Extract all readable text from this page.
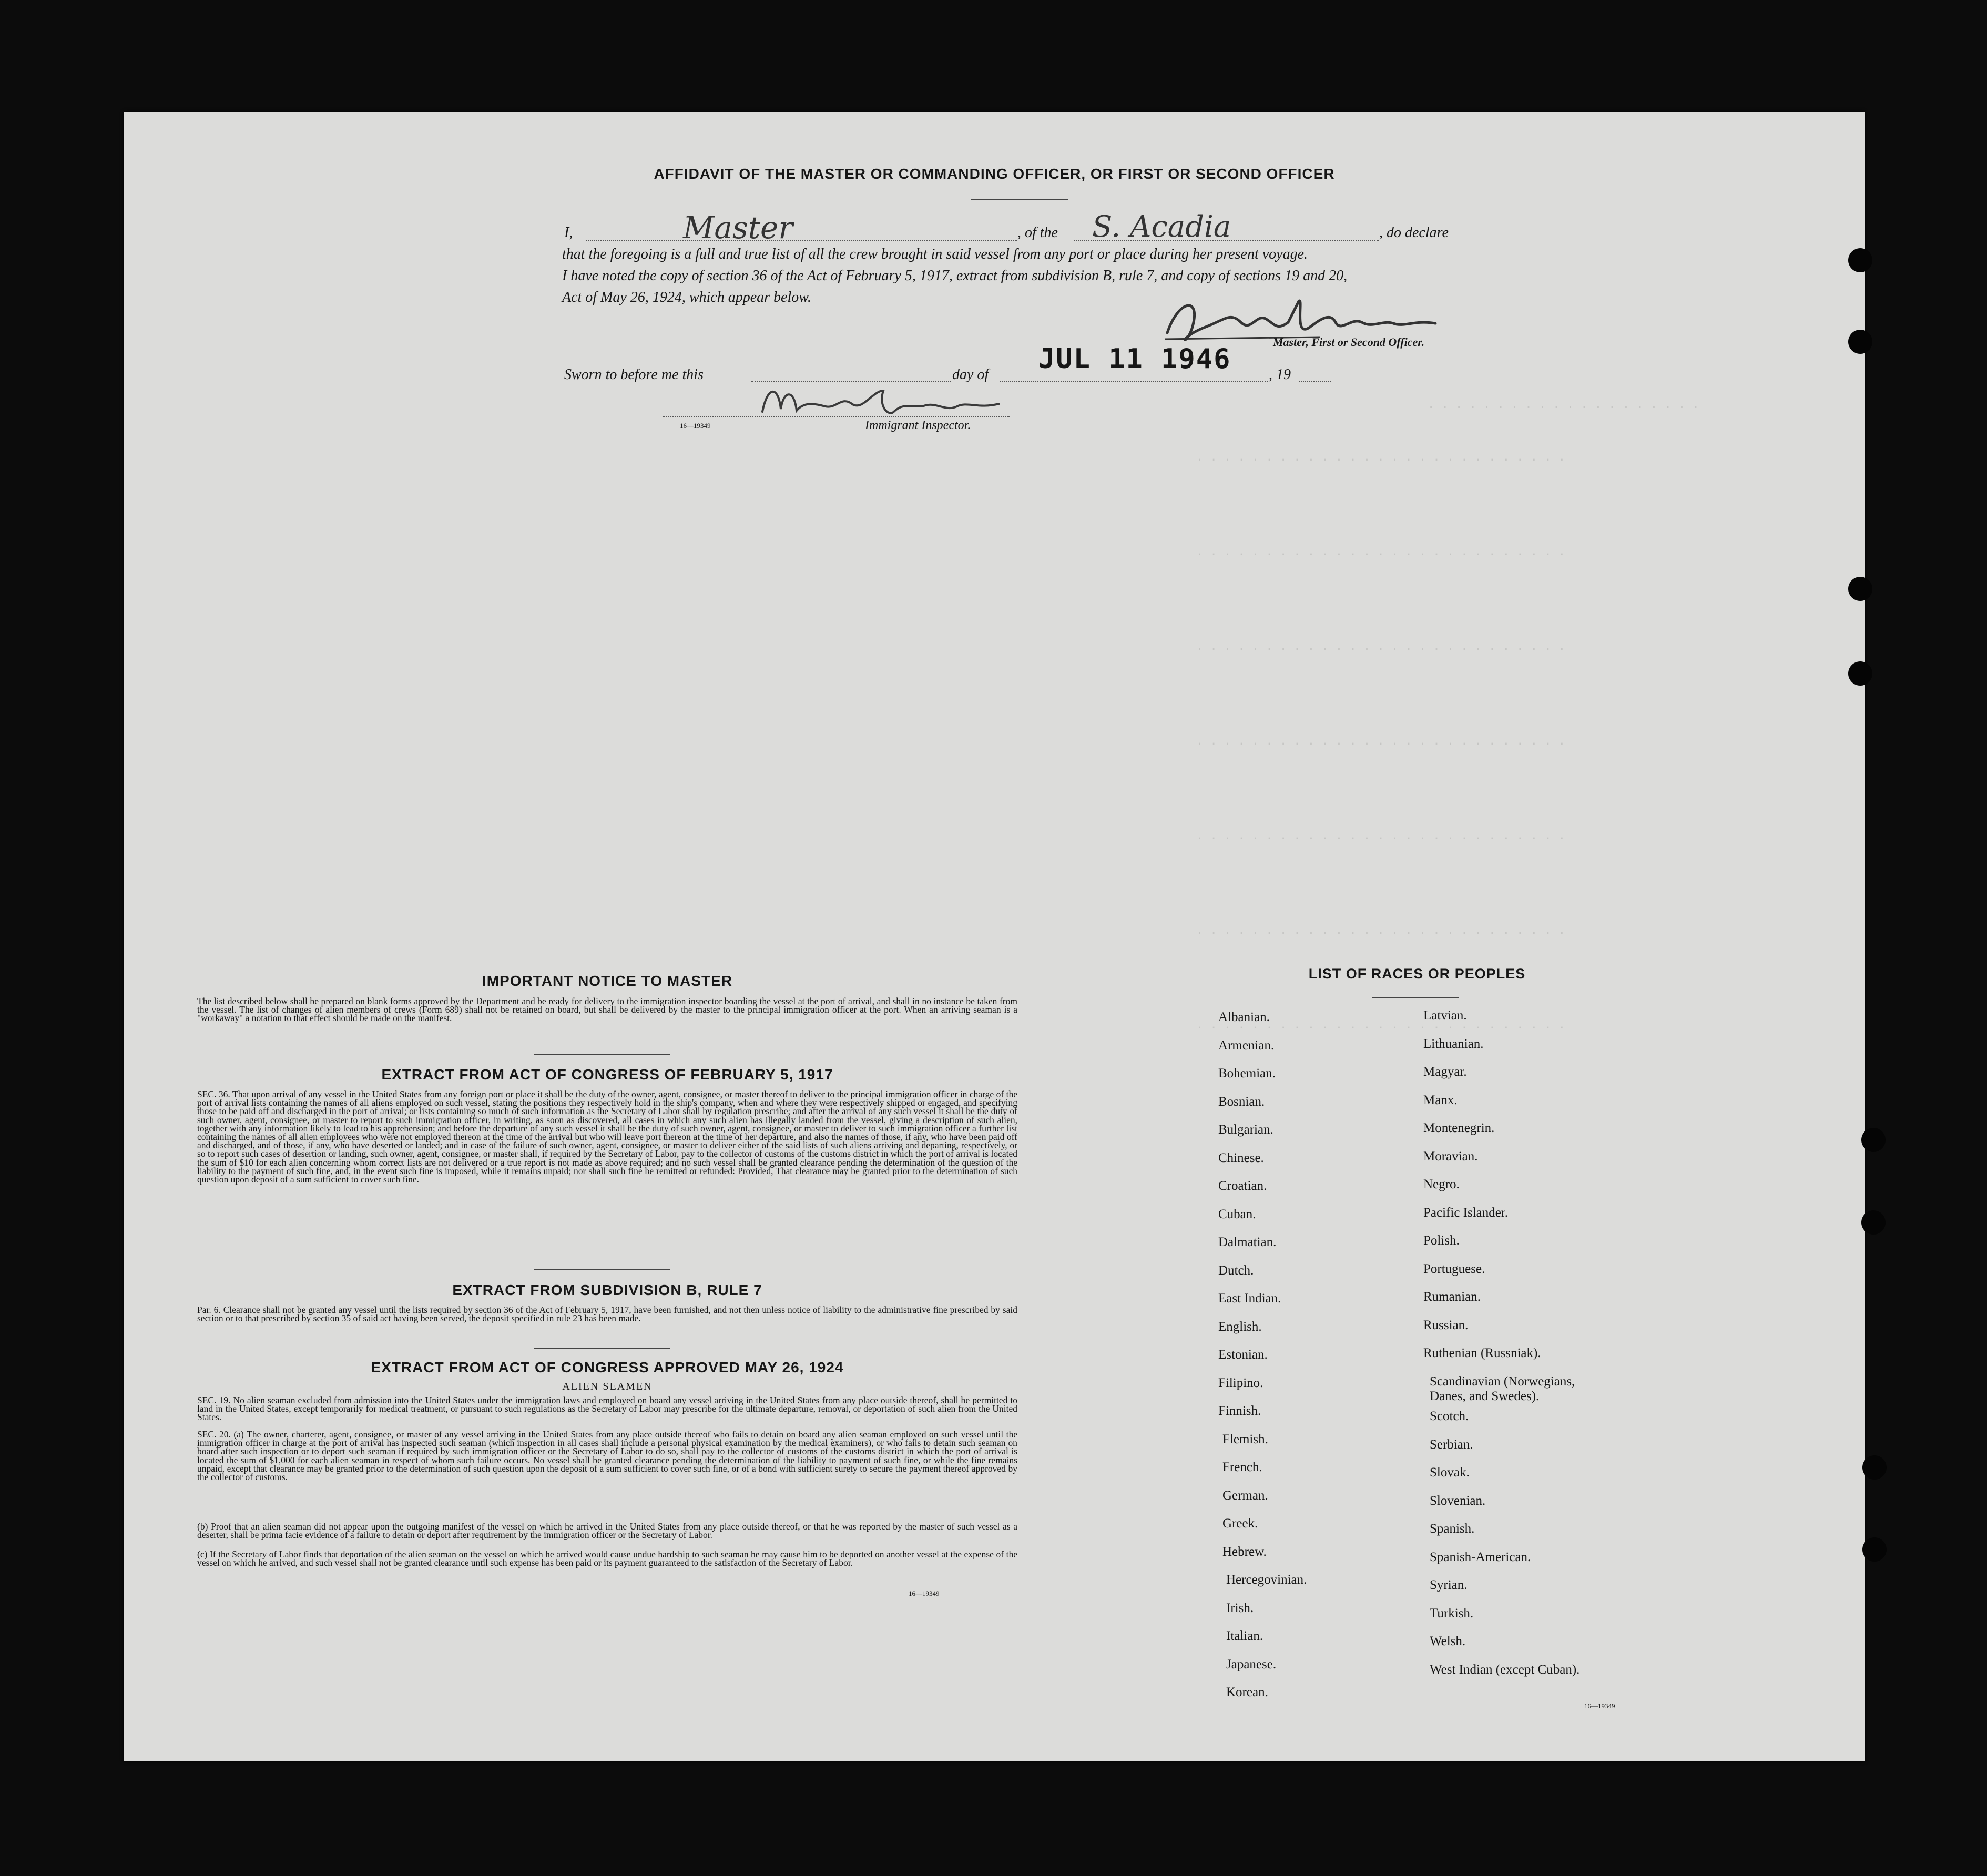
AFFIDAVIT OF THE MASTER OR COMMANDING OFFICER, OR FIRST OR SECOND OFFICER
I,	Master	, of the S. Acadia	, do declare
that the foregoing is a full and true list of all the crew brought in said vessel from any port or place during her present voyage.
I have noted the copy of section 36 of the Act of February 5, 1917, extract from subdivision B, rule 7, and copy of sections 19 and 20,
Act of May 26, 1924, which appear below.
Master, First or Second Officer.
Sworn to before me this	day of JUL 11 1946	, 19
16—19349	Immigrant Inspector.
· · · · · · · · · · · · · · · · · · · ·
· · · · · · · · · · · · · · · · · · · · · · · · · · ·
· · · · · · · · · · · · · · · · · · · · · · · · · · ·
· · · · · · · · · · · · · · · · · · · · · · · · · · ·
· · · · · · · · · · · · · · · · · · · · · · · · · · ·
· · · · · · · · · · · · · · · · · · · · · · · · · · ·
· · · · · · · · · · · · · · · · · · · · · · · · · · ·
· · · · · · · · · · · · · · · · · · · · · · · · · · ·
IMPORTANT NOTICE TO MASTER
The list described below shall be prepared on blank forms approved by the Department and be ready for delivery to the immigration inspector boarding the vessel at the port of arrival, and shall in no instance be taken from the vessel. The list of changes of alien members of crews (Form 689) shall not be retained on board, but shall be delivered by the master to the principal immigration officer at the port. When an arriving seaman is a "workaway" a notation to that effect should be made on the manifest.
EXTRACT FROM ACT OF CONGRESS OF FEBRUARY 5, 1917
SEC. 36. That upon arrival of any vessel in the United States from any foreign port or place it shall be the duty of the owner, agent, consignee, or master thereof to deliver to the principal immigration officer in charge of the port of arrival lists containing the names of all aliens employed on such vessel, stating the positions they respectively hold in the ship's company, when and where they were respectively shipped or engaged, and specifying those to be paid off and discharged in the port of arrival; or lists containing so much of such information as the Secretary of Labor shall by regulation prescribe; and after the arrival of any such vessel it shall be the duty of such owner, agent, consignee, or master to report to such immigration officer, in writing, as soon as discovered, all cases in which any such alien has illegally landed from the vessel, giving a description of such alien, together with any information likely to lead to his apprehension; and before the departure of any such vessel it shall be the duty of such owner, agent, consignee, or master to deliver to such immigration officer a further list containing the names of all alien employees who were not employed thereon at the time of the arrival but who will leave port thereon at the time of her departure, and also the names of those, if any, who have been paid off and discharged, and of those, if any, who have deserted or landed; and in case of the failure of such owner, agent, consignee, or master to deliver either of the said lists of such aliens arriving and departing, respectively, or so to report such cases of desertion or landing, such owner, agent, consignee, or master shall, if required by the Secretary of Labor, pay to the collector of customs of the customs district in which the port of arrival is located the sum of $10 for each alien concerning whom correct lists are not delivered or a true report is not made as above required; and no such vessel shall be granted clearance pending the determination of the question of the liability to the payment of such fine, and, in the event such fine is imposed, while it remains unpaid; nor shall such fine be remitted or refunded: Provided, That clearance may be granted prior to the determination of such question upon deposit of a sum sufficient to cover such fine.
EXTRACT FROM SUBDIVISION B, RULE 7
Par. 6. Clearance shall not be granted any vessel until the lists required by section 36 of the Act of February 5, 1917, have been furnished, and not then unless notice of liability to the administrative fine prescribed by said section or to that prescribed by section 35 of said act having been served, the deposit specified in rule 23 has been made.
EXTRACT FROM ACT OF CONGRESS APPROVED MAY 26, 1924
ALIEN SEAMEN
SEC. 19. No alien seaman excluded from admission into the United States under the immigration laws and employed on board any vessel arriving in the United States from any place outside thereof, shall be permitted to land in the United States, except temporarily for medical treatment, or pursuant to such regulations as the Secretary of Labor may prescribe for the ultimate departure, removal, or deportation of such alien from the United States.
SEC. 20. (a) The owner, charterer, agent, consignee, or master of any vessel arriving in the United States from any place outside thereof who fails to detain on board any alien seaman employed on such vessel until the immigration officer in charge at the port of arrival has inspected such seaman (which inspection in all cases shall include a personal physical examination by the medical examiners), or who fails to detain such seaman on board after such inspection or to deport such seaman if required by such immigration officer or the Secretary of Labor to do so, shall pay to the collector of customs of the customs district in which the port of arrival is located the sum of $1,000 for each alien seaman in respect of whom such failure occurs. No vessel shall be granted clearance pending the determination of the liability to payment of such fine, or while the fine remains unpaid, except that clearance may be granted prior to the determination of such question upon the deposit of a sum sufficient to cover such fine, or of a bond with sufficient surety to secure the payment thereof approved by the collector of customs.
(b) Proof that an alien seaman did not appear upon the outgoing manifest of the vessel on which he arrived in the United States from any place outside thereof, or that he was reported by the master of such vessel as a deserter, shall be prima facie evidence of a failure to detain or deport after requirement by the immigration officer or the Secretary of Labor.
(c) If the Secretary of Labor finds that deportation of the alien seaman on the vessel on which he arrived would cause undue hardship to such seaman he may cause him to be deported on another vessel at the expense of the vessel on which he arrived, and such vessel shall not be granted clearance until such expense has been paid or its payment guaranteed to the satisfaction of the Secretary of Labor.
16—19349
LIST OF RACES OR PEOPLES
Albanian.
Armenian.
Bohemian.
Bosnian.
Bulgarian.
Chinese.
Croatian.
Cuban.
Dalmatian.
Dutch.
East Indian.
English.
Estonian.
Filipino.
Finnish.
Flemish.
French.
German.
Greek.
Hebrew.
Hercegovinian.
Irish.
Italian.
Japanese.
Korean.
Latvian.
Lithuanian.
Magyar.
Manx.
Montenegrin.
Moravian.
Negro.
Pacific Islander.
Polish.
Portuguese.
Rumanian.
Russian.
Ruthenian (Russniak).
Scandinavian (Norwegians, Danes, and Swedes).
Scotch.
Serbian.
Slovak.
Slovenian.
Spanish.
Spanish-American.
Syrian.
Turkish.
Welsh.
West Indian (except Cuban).
16—19349
